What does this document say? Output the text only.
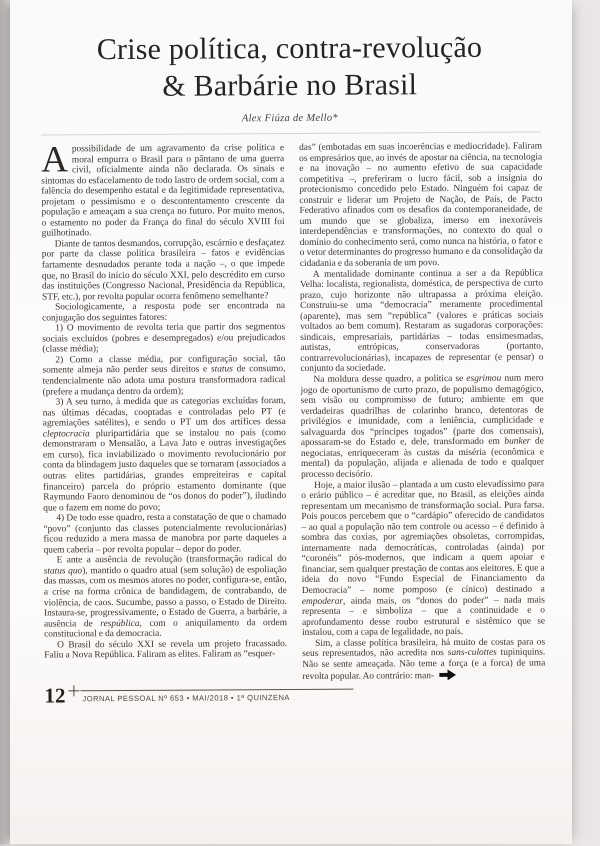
Crise política, contra-revolução
& Barbárie no Brasil
Alex Fiúza de Mello*

Apossibilidade de um agravamento da crise política e moral empurra o Brasil para o pântano de uma guerra civil, oficialmente ainda não declarada. Os sinais e sintomas do esfacelamento de todo lastro de ordem social, com a falência do desempenho estatal e da legitimidade representativa, projetam o pessimismo e o descontentamento crescente da população e ameaçam a sua crença no futuro. Por muito menos, o estamento no poder da França do final do século XVIII foi guilhotinado.

Diante de tantos desmandos, corrupção, escárnio e desfaçatez por parte da classe política brasileira – fatos e evidências fartamente desnudados perante toda a nação –, o que impede que, no Brasil do início do século XXI, pelo descrédito em curso das instituições (Congresso Nacional, Presidência da República, STF, etc.), por revolta popular ocorra fenômeno semelhante?

Sociologicamente, a resposta pode ser encontrada na conjugação dos seguintes fatores:

1) O movimento de revolta teria que partir dos segmentos sociais excluídos (pobres e desempregados) e/ou prejudicados (classe média);

2) Como a classe média, por configuração social, tão somente almeja não perder seus direitos e status de consumo, tendencialmente não adota uma postura transformadora radical (prefere a mudança dentro da ordem);

3) A seu turno, à medida que as categorias excluídas foram, nas últimas décadas, cooptadas e controladas pelo PT (e agremiações satélites), e sendo o PT um dos artífices dessa cleptocracia pluripartidária que se instalou no país (como demonstraram o Mensalão, a Lava Jato e outras investigações em curso), fica inviabilizado o movimento revolucionário por conta da blindagem justo daqueles que se tornaram (associados a outras elites partidárias, grandes empreiteiras e capital financeiro) parcela do próprio estamento dominante (que Raymundo Faoro denominou de “os donos do poder”), iludindo que o fazem em nome do povo;

4) De todo esse quadro, resta a constatação de que o chamado “povo” (conjunto das classes potencialmente revolucionárias) ficou reduzido a mera massa de manobra por parte daqueles a quem caberia – por revolta popular – depor do poder.

E ante a ausência de revolução (transformação radical do status quo), mantido o quadro atual (sem solução) de espoliação das massas, com os mesmos atores no poder, configura-se, então, a crise na forma crônica de bandidagem, de contrabando, de violência, de caos. Sucumbe, passo a passo, o Estado de Direito. Instaura-se, progressivamente, o Estado de Guerra, a barbárie, a ausência de respública, com o aniquilamento da ordem constitucional e da democracia.

O Brasil do século XXI se revela um projeto fracassado. Faliu a Nova República. Faliram as elites. Faliram as “esquer-

das” (embotadas em suas incoerências e mediocridade). Faliram os empresários que, ao invés de apostar na ciência, na tecnologia e na inovação – no aumento efetivo de sua capacidade competitiva –, preferiram o lucro fácil, sob a insígnia do protecionismo concedido pelo Estado. Ninguém foi capaz de construir e liderar um Projeto de Nação, de País, de Pacto Federativo afinados com os desafios da contemporaneidade, de um mundo que se globaliza, imerso em inexoráveis interdependências e transformações, no contexto do qual o domínio do conhecimento será, como nunca na história, o fator e o vetor determinantes do progresso humano e da consolidação da cidadania e da soberania de um povo.

A mentalidade dominante continua a ser a da República Velha: localista, regionalista, doméstica, de perspectiva de curto prazo, cujo horizonte não ultrapassa a próxima eleição. Construiu-se uma “democracia” meramente procedimental (aparente), mas sem “república” (valores e práticas sociais voltados ao bem comum). Restaram as sugadoras corporações: sindicais, empresariais, partidárias – todas ensimesmadas, autistas, entrópicas, conservadoras (portanto, contrarrevolucionárias), incapazes de representar (e pensar) o conjunto da sociedade.

Na moldura desse quadro, a política se esgrimou num mero jogo de oportunismo de curto prazo, de populismo demagógico, sem visão ou compromisso de futuro; ambiente em que verdadeiras quadrilhas de colarinho branco, detentoras de privilégios e imunidade, com a leniência, cumplicidade e salvaguarda dos “príncipes togados” (parte dos comensais), apossaram-se do Estado e, dele, transformado em bunker de negociatas, enriqueceram às custas da miséria (econômica e mental) da população, alijada e alienada de todo e qualquer processo decisório.

Hoje, a maior ilusão – plantada a um custo elevadíssimo para o erário público – é acreditar que, no Brasil, as eleições ainda representam um mecanismo de transformação social. Pura farsa. Pois poucos percebem que o “cardápio” oferecido de candidatos – ao qual a população não tem controle ou acesso – é definido à sombra das coxias, por agremiações obsoletas, corrompidas, internamente nada democráticas, controladas (ainda) por “coronéis” pós-modernos, que indicam a quem apoiar e financiar, sem qualquer prestação de contas aos eleitores. E que a ideia do novo “Fundo Especial de Financiamento da Democracia” – nome pomposo (e cínico) destinado a empoderar, ainda mais, os “donos do poder” – nada mais representa – e simboliza – que a continuidade e o aprofundamento desse roubo estrutural e sistêmico que se instalou, com a capa de legalidade, no país.

Sim, a classe política brasileira, há muito de costas para os seus representados, não acredita nos sans-culottes tupiniquins. Não se sente ameaçada. Não teme a força (e a forca) de uma revolta popular. Ao contrário: man-

12 JORNAL PESSOAL Nº 653 • MAI/2018 • 1ª QUINZENA
